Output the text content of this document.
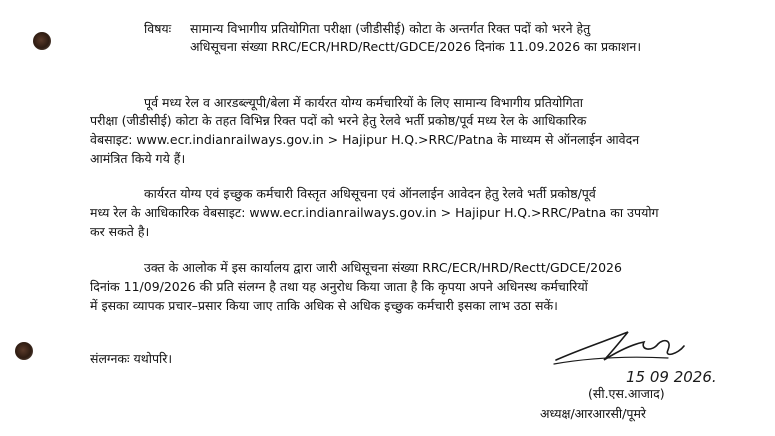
विषयः सामान्य विभागीय प्रतियोगिता परीक्षा (जीडीसीई) कोटा के अन्तर्गत रिक्त पदों को भरने हेतु
अधिसूचना संख्या RRC/ECR/HRD/Rectt/GDCE/2026 दिनांक 11.09.2026 का प्रकाशन।
पूर्व मध्य रेल व आरडब्ल्यूपी/बेला में कार्यरत योग्य कर्मचारियों के लिए सामान्य विभागीय प्रतियोगिता
परीक्षा (जीडीसीई) कोटा के तहत विभिन्न रिक्त पदों को भरने हेतु रेलवे भर्ती प्रकोष्ठ/पूर्व मध्य रेल के आधिकारिक
वेबसाइट: www.ecr.indianrailways.gov.in > Hajipur H.Q.>RRC/Patna के माध्यम से ऑनलाईन आवेदन
आमंत्रित किये गये हैं।
कार्यरत योग्य एवं इच्छुक कर्मचारी विस्तृत अधिसूचना एवं ऑनलाईन आवेदन हेतु रेलवे भर्ती प्रकोष्ठ/पूर्व
मध्य रेल के आधिकारिक वेबसाइट: www.ecr.indianrailways.gov.in > Hajipur H.Q.>RRC/Patna का उपयोग
कर सकते है।
उक्त के आलोक में इस कार्यालय द्वारा जारी अधिसूचना संख्या RRC/ECR/HRD/Rectt/GDCE/2026
दिनांक 11/09/2026 की प्रति संलग्न है तथा यह अनुरोध किया जाता है कि कृपया अपने अधिनस्थ कर्मचारियों
में इसका व्यापक प्रचार–प्रसार किया जाए ताकि अधिक से अधिक इच्छुक कर्मचारी इसका लाभ उठा सकें।
संलग्नकः यथोपरि।
15 09 2026.
(सी.एस.आजाद)
अध्यक्ष/आरआरसी/पूमरे
